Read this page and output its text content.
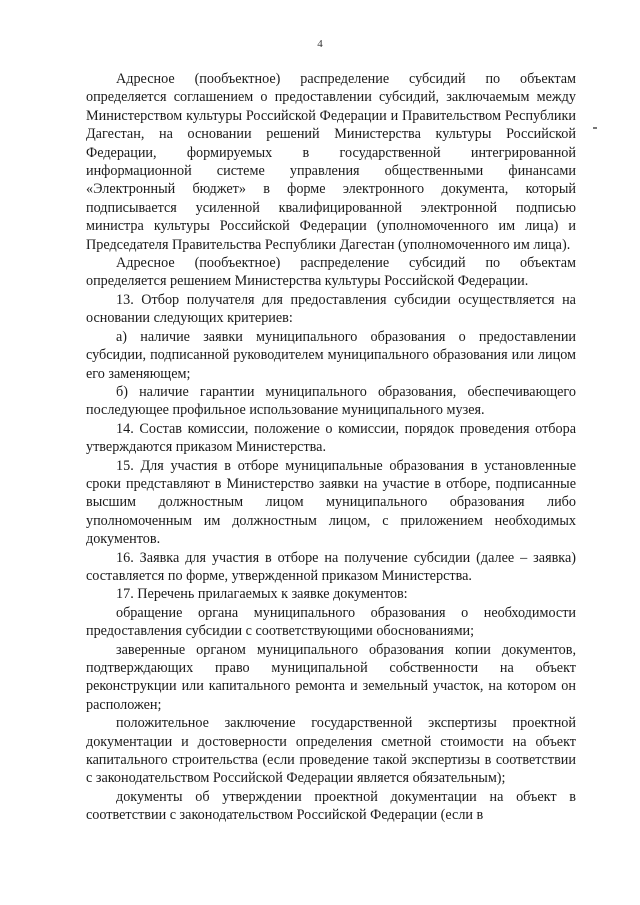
4

Адресное (пообъектное) распределение субсидий по объектам определяется соглашением о предоставлении субсидий, заключаемым между Министерством культуры Российской Федерации и Правительством Республики Дагестан, на основании решений Министерства культуры Российской Федерации, формируемых в государственной интегрированной информационной системе управления общественными финансами «Электронный бюджет» в форме электронного документа, который подписывается усиленной квалифицированной электронной подписью министра культуры Российской Федерации (уполномоченного им лица) и Председателя Правительства Республики Дагестан (уполномоченного им лица).

Адресное (пообъектное) распределение субсидий по объектам определяется решением Министерства культуры Российской Федерации.

13. Отбор получателя для предоставления субсидии осуществляется на основании следующих критериев:

а) наличие заявки муниципального образования о предоставлении субсидии, подписанной руководителем муниципального образования или лицом его заменяющем;

б) наличие гарантии муниципального образования, обеспечивающего последующее профильное использование муниципального музея.

14. Состав комиссии, положение о комиссии, порядок проведения отбора утверждаются приказом Министерства.

15. Для участия в отборе муниципальные образования в установленные сроки представляют в Министерство заявки на участие в отборе, подписанные высшим должностным лицом муниципального образования либо уполномоченным им должностным лицом, с приложением необходимых документов.

16. Заявка для участия в отборе на получение субсидии (далее – заявка) составляется по форме, утвержденной приказом Министерства.

17. Перечень прилагаемых к заявке документов:

обращение органа муниципального образования о необходимости предоставления субсидии с соответствующими обоснованиями;

заверенные органом муниципального образования копии документов, подтверждающих право муниципальной собственности на объект реконструкции или капитального ремонта и земельный участок, на котором он расположен;

положительное заключение государственной экспертизы проектной документации и достоверности определения сметной стоимости на объект капитального строительства (если проведение такой экспертизы в соответствии с законодательством Российской Федерации является обязательным);

документы об утверждении проектной документации на объект в соответствии с законодательством Российской Федерации (если в
